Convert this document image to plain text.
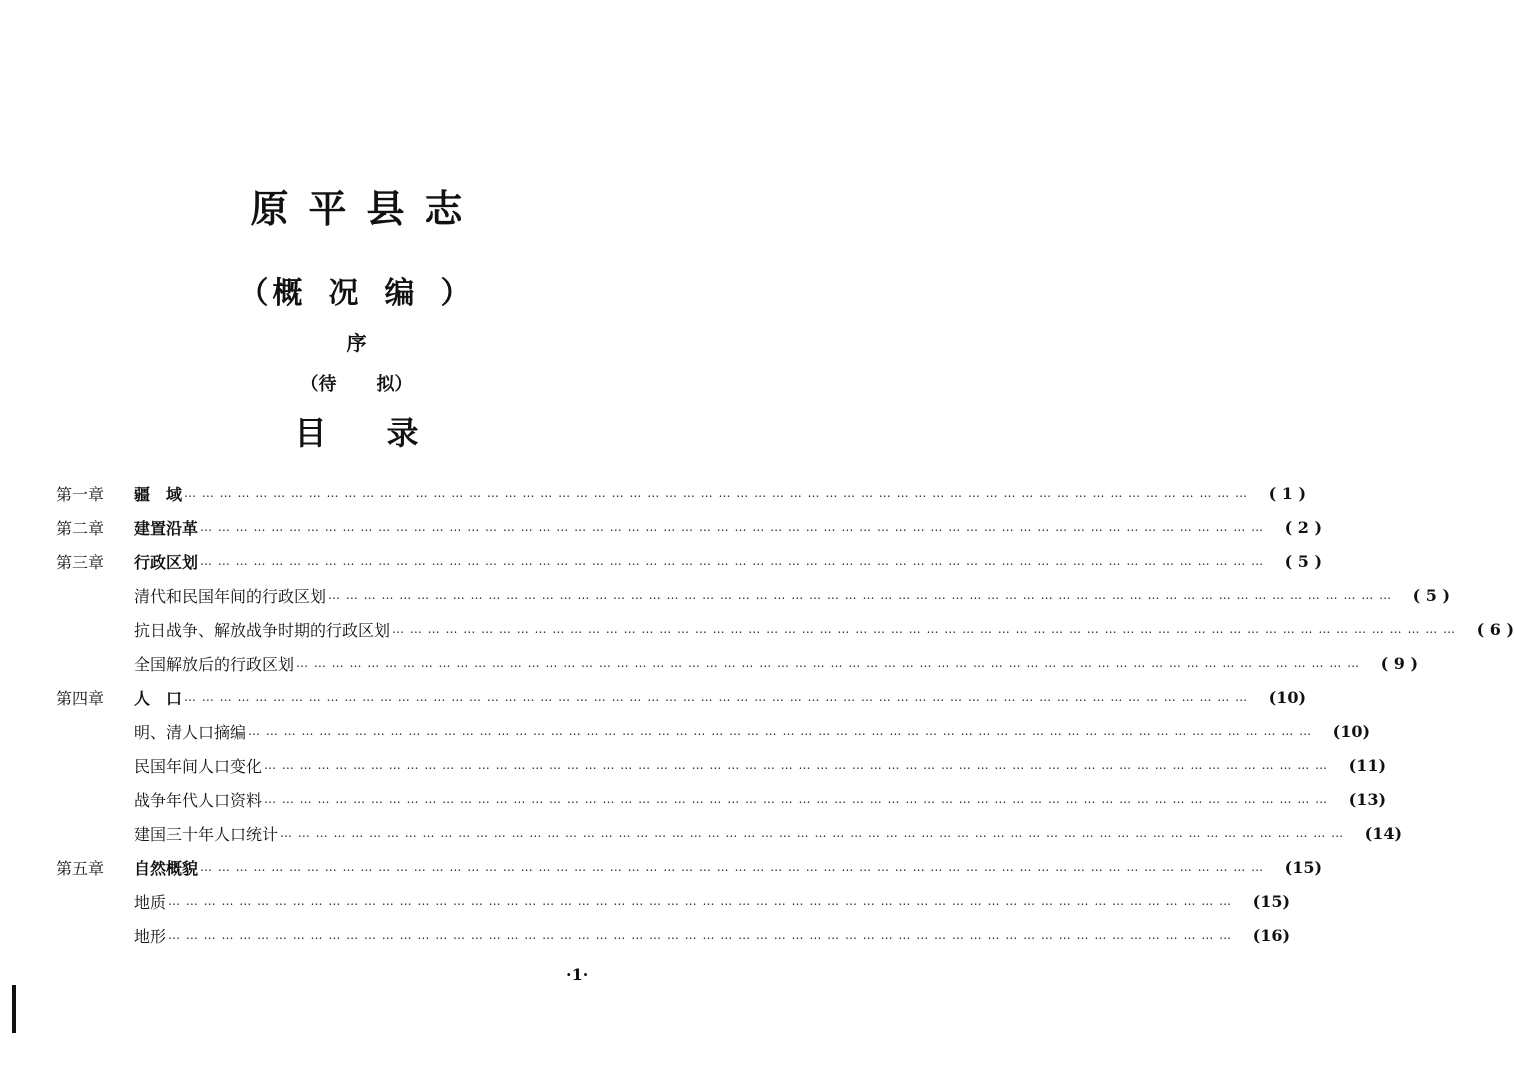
原平县志
（概况编）
序
（待 拟）
目 录
第一章	疆　域 … … … … … … … … … … … … … … … … … … … … … … … … … … … … … … … … … … … … … … … … … … … … … … … … … … … … … … … … … … … …	( 1 )
第二章	建置沿革 … … … … … … … … … … … … … … … … … … … … … … … … … … … … … … … … … … … … … … … … … … … … … … … … … … … … … … … … … … … …	( 2 )
第三章	行政区划 … … … … … … … … … … … … … … … … … … … … … … … … … … … … … … … … … … … … … … … … … … … … … … … … … … … … … … … … … … … …	( 5 )
清代和民国年间的行政区划 … … … … … … … … … … … … … … … … … … … … … … … … … … … … … … … … … … … … … … … … … … … … … … … … … … … … … … … … … … … …	( 5 )
抗日战争、解放战争时期的行政区划 … … … … … … … … … … … … … … … … … … … … … … … … … … … … … … … … … … … … … … … … … … … … … … … … … … … … … … … … … … … …	( 6 )
全国解放后的行政区划 … … … … … … … … … … … … … … … … … … … … … … … … … … … … … … … … … … … … … … … … … … … … … … … … … … … … … … … … … … … …	( 9 )
第四章	人　口 … … … … … … … … … … … … … … … … … … … … … … … … … … … … … … … … … … … … … … … … … … … … … … … … … … … … … … … … … … … …	(10)
明、清人口摘编 … … … … … … … … … … … … … … … … … … … … … … … … … … … … … … … … … … … … … … … … … … … … … … … … … … … … … … … … … … … …	(10)
民国年间人口变化 … … … … … … … … … … … … … … … … … … … … … … … … … … … … … … … … … … … … … … … … … … … … … … … … … … … … … … … … … … … …	(11)
战争年代人口资料 … … … … … … … … … … … … … … … … … … … … … … … … … … … … … … … … … … … … … … … … … … … … … … … … … … … … … … … … … … … …	(13)
建国三十年人口统计 … … … … … … … … … … … … … … … … … … … … … … … … … … … … … … … … … … … … … … … … … … … … … … … … … … … … … … … … … … … …	(14)
第五章	自然概貌 … … … … … … … … … … … … … … … … … … … … … … … … … … … … … … … … … … … … … … … … … … … … … … … … … … … … … … … … … … … …	(15)
地质 … … … … … … … … … … … … … … … … … … … … … … … … … … … … … … … … … … … … … … … … … … … … … … … … … … … … … … … … … … … …	(15)
地形 … … … … … … … … … … … … … … … … … … … … … … … … … … … … … … … … … … … … … … … … … … … … … … … … … … … … … … … … … … … …	(16)
·1·
